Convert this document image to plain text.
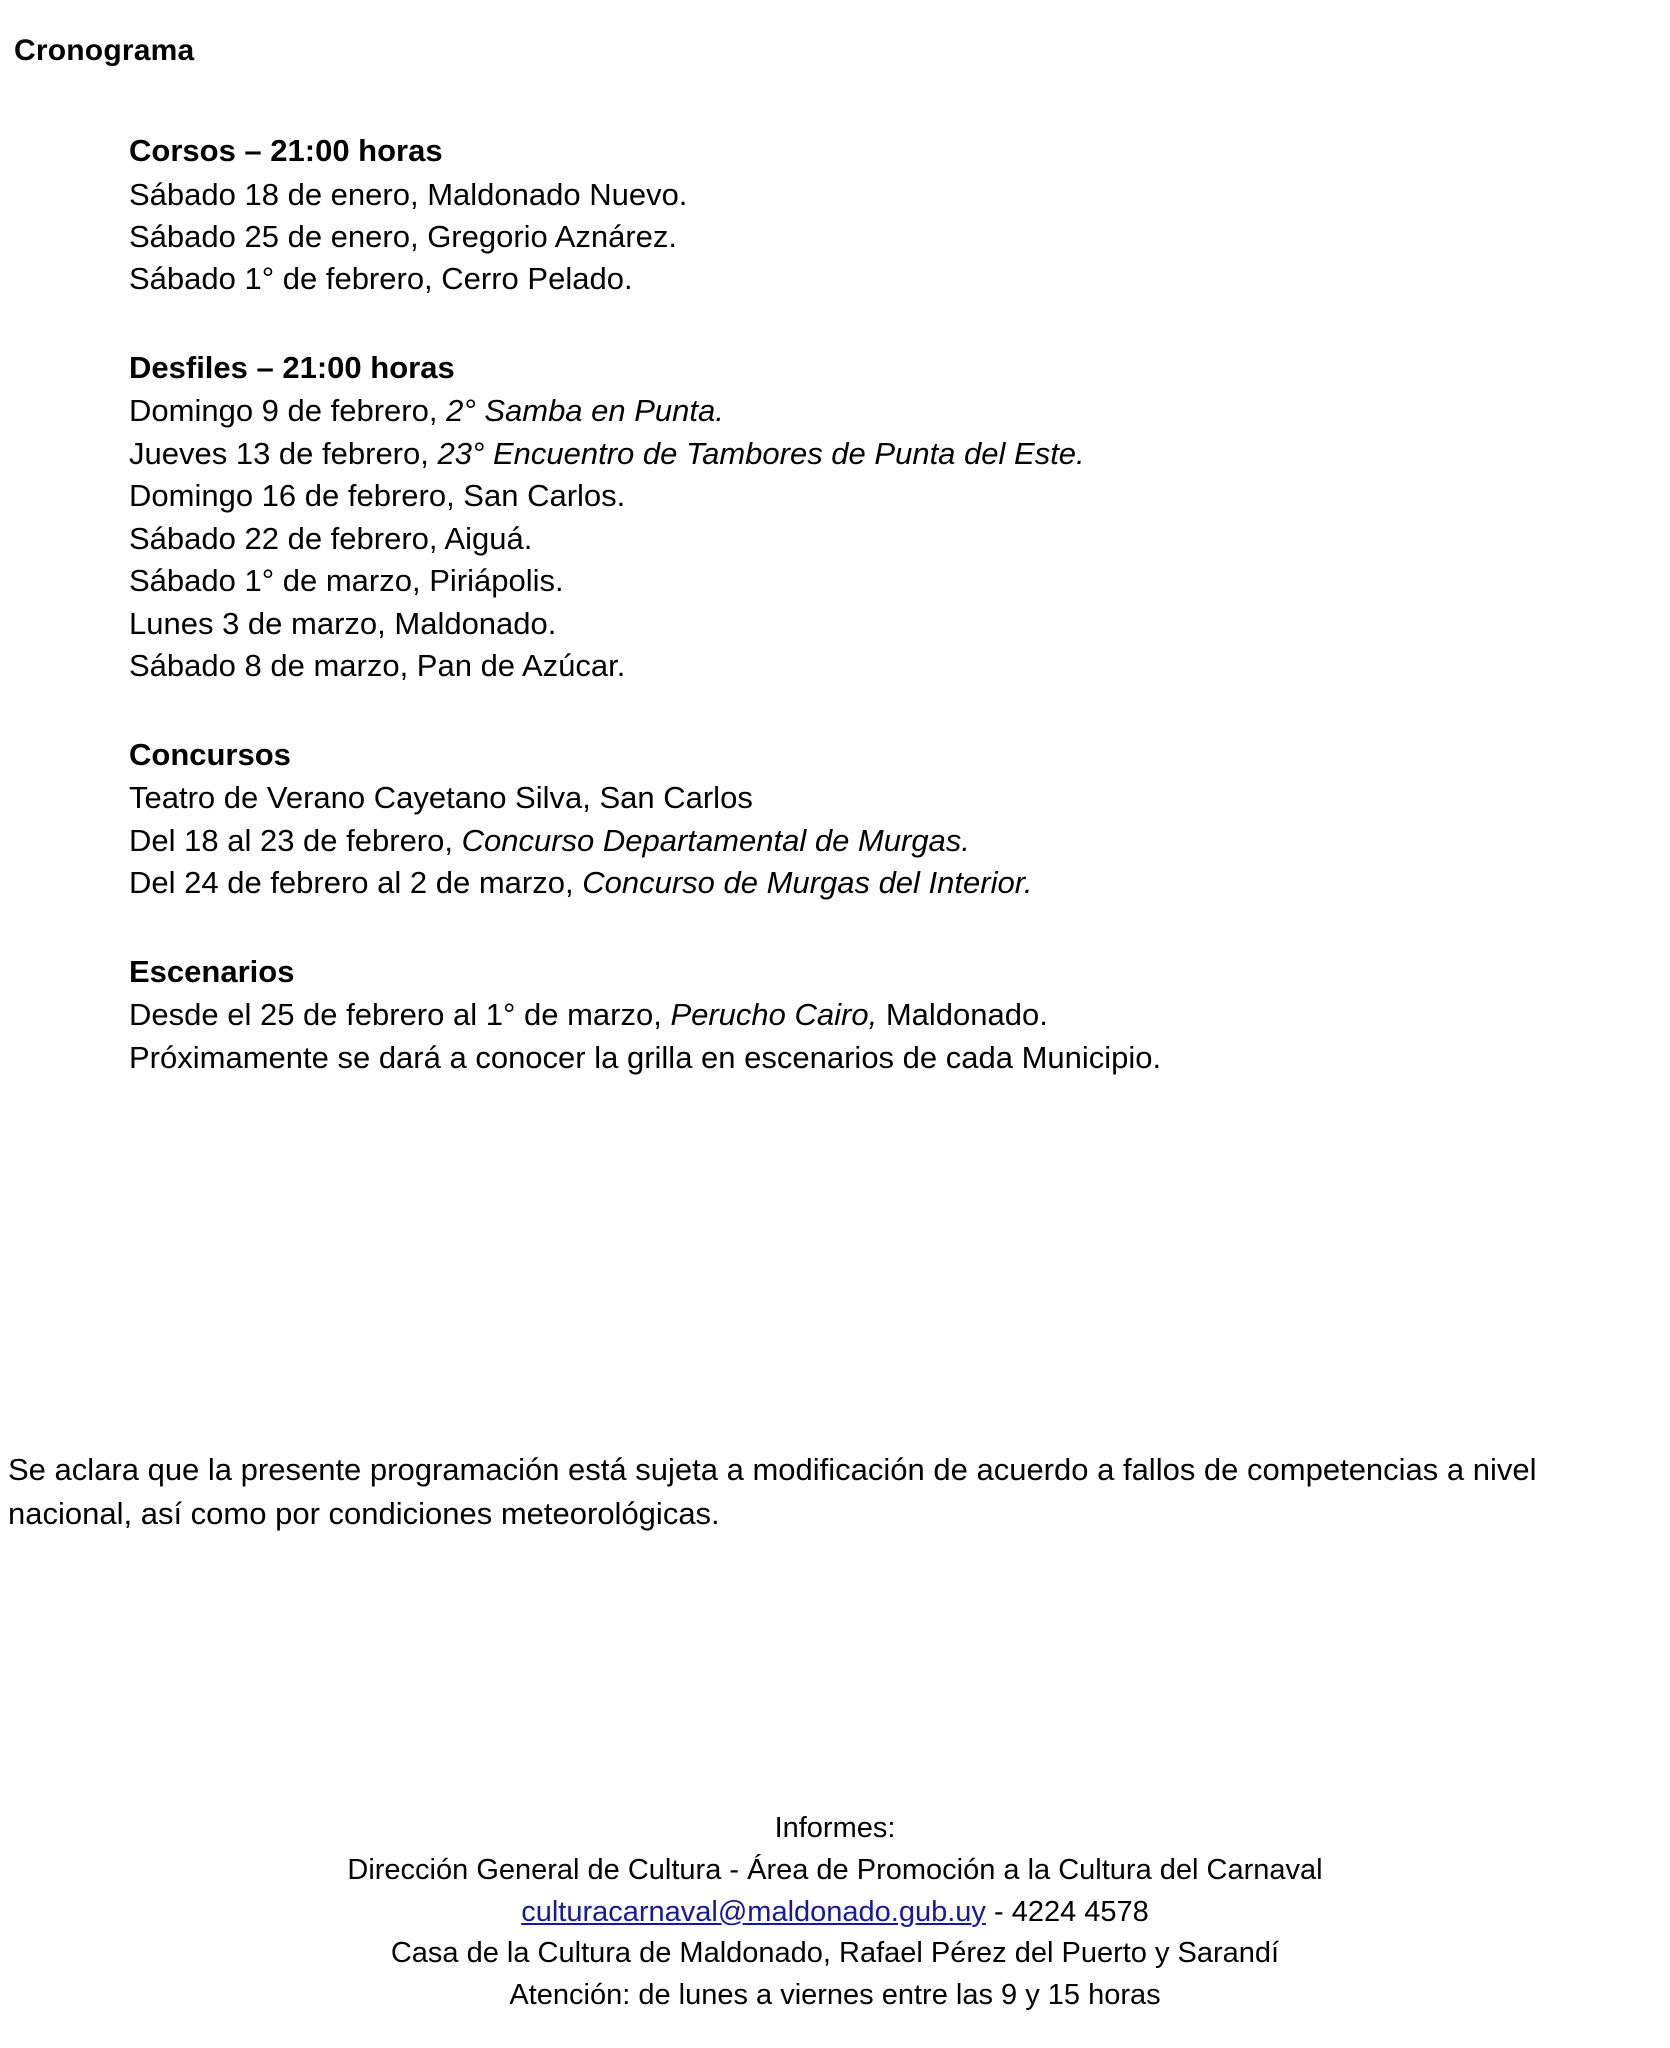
Cronograma
Corsos – 21:00 horas
Sábado 18 de enero, Maldonado Nuevo.
Sábado 25 de enero, Gregorio Aznárez.
Sábado 1° de febrero, Cerro Pelado.
Desfiles – 21:00 horas
Domingo 9 de febrero, 2° Samba en Punta.
Jueves 13 de febrero, 23° Encuentro de Tambores de Punta del Este.
Domingo 16 de febrero, San Carlos.
Sábado 22 de febrero, Aiguá.
Sábado 1° de marzo, Piriápolis.
Lunes 3 de marzo, Maldonado.
Sábado 8 de marzo, Pan de Azúcar.
Concursos
Teatro de Verano Cayetano Silva, San Carlos
Del 18 al 23 de febrero, Concurso Departamental de Murgas.
Del 24 de febrero al 2 de marzo, Concurso de Murgas del Interior.
Escenarios
Desde el 25 de febrero al 1° de marzo, Perucho Cairo, Maldonado.
Próximamente se dará a conocer la grilla en escenarios de cada Municipio.
Se aclara que la presente programación está sujeta a modificación de acuerdo a fallos de competencias a nivel nacional, así como por condiciones meteorológicas.
Informes:
Dirección General de Cultura - Área de Promoción a la Cultura del Carnaval
culturacarnaval@maldonado.gub.uy - 4224 4578
Casa de la Cultura de Maldonado, Rafael Pérez del Puerto y Sarandí
Atención: de lunes a viernes entre las 9 y 15 horas
